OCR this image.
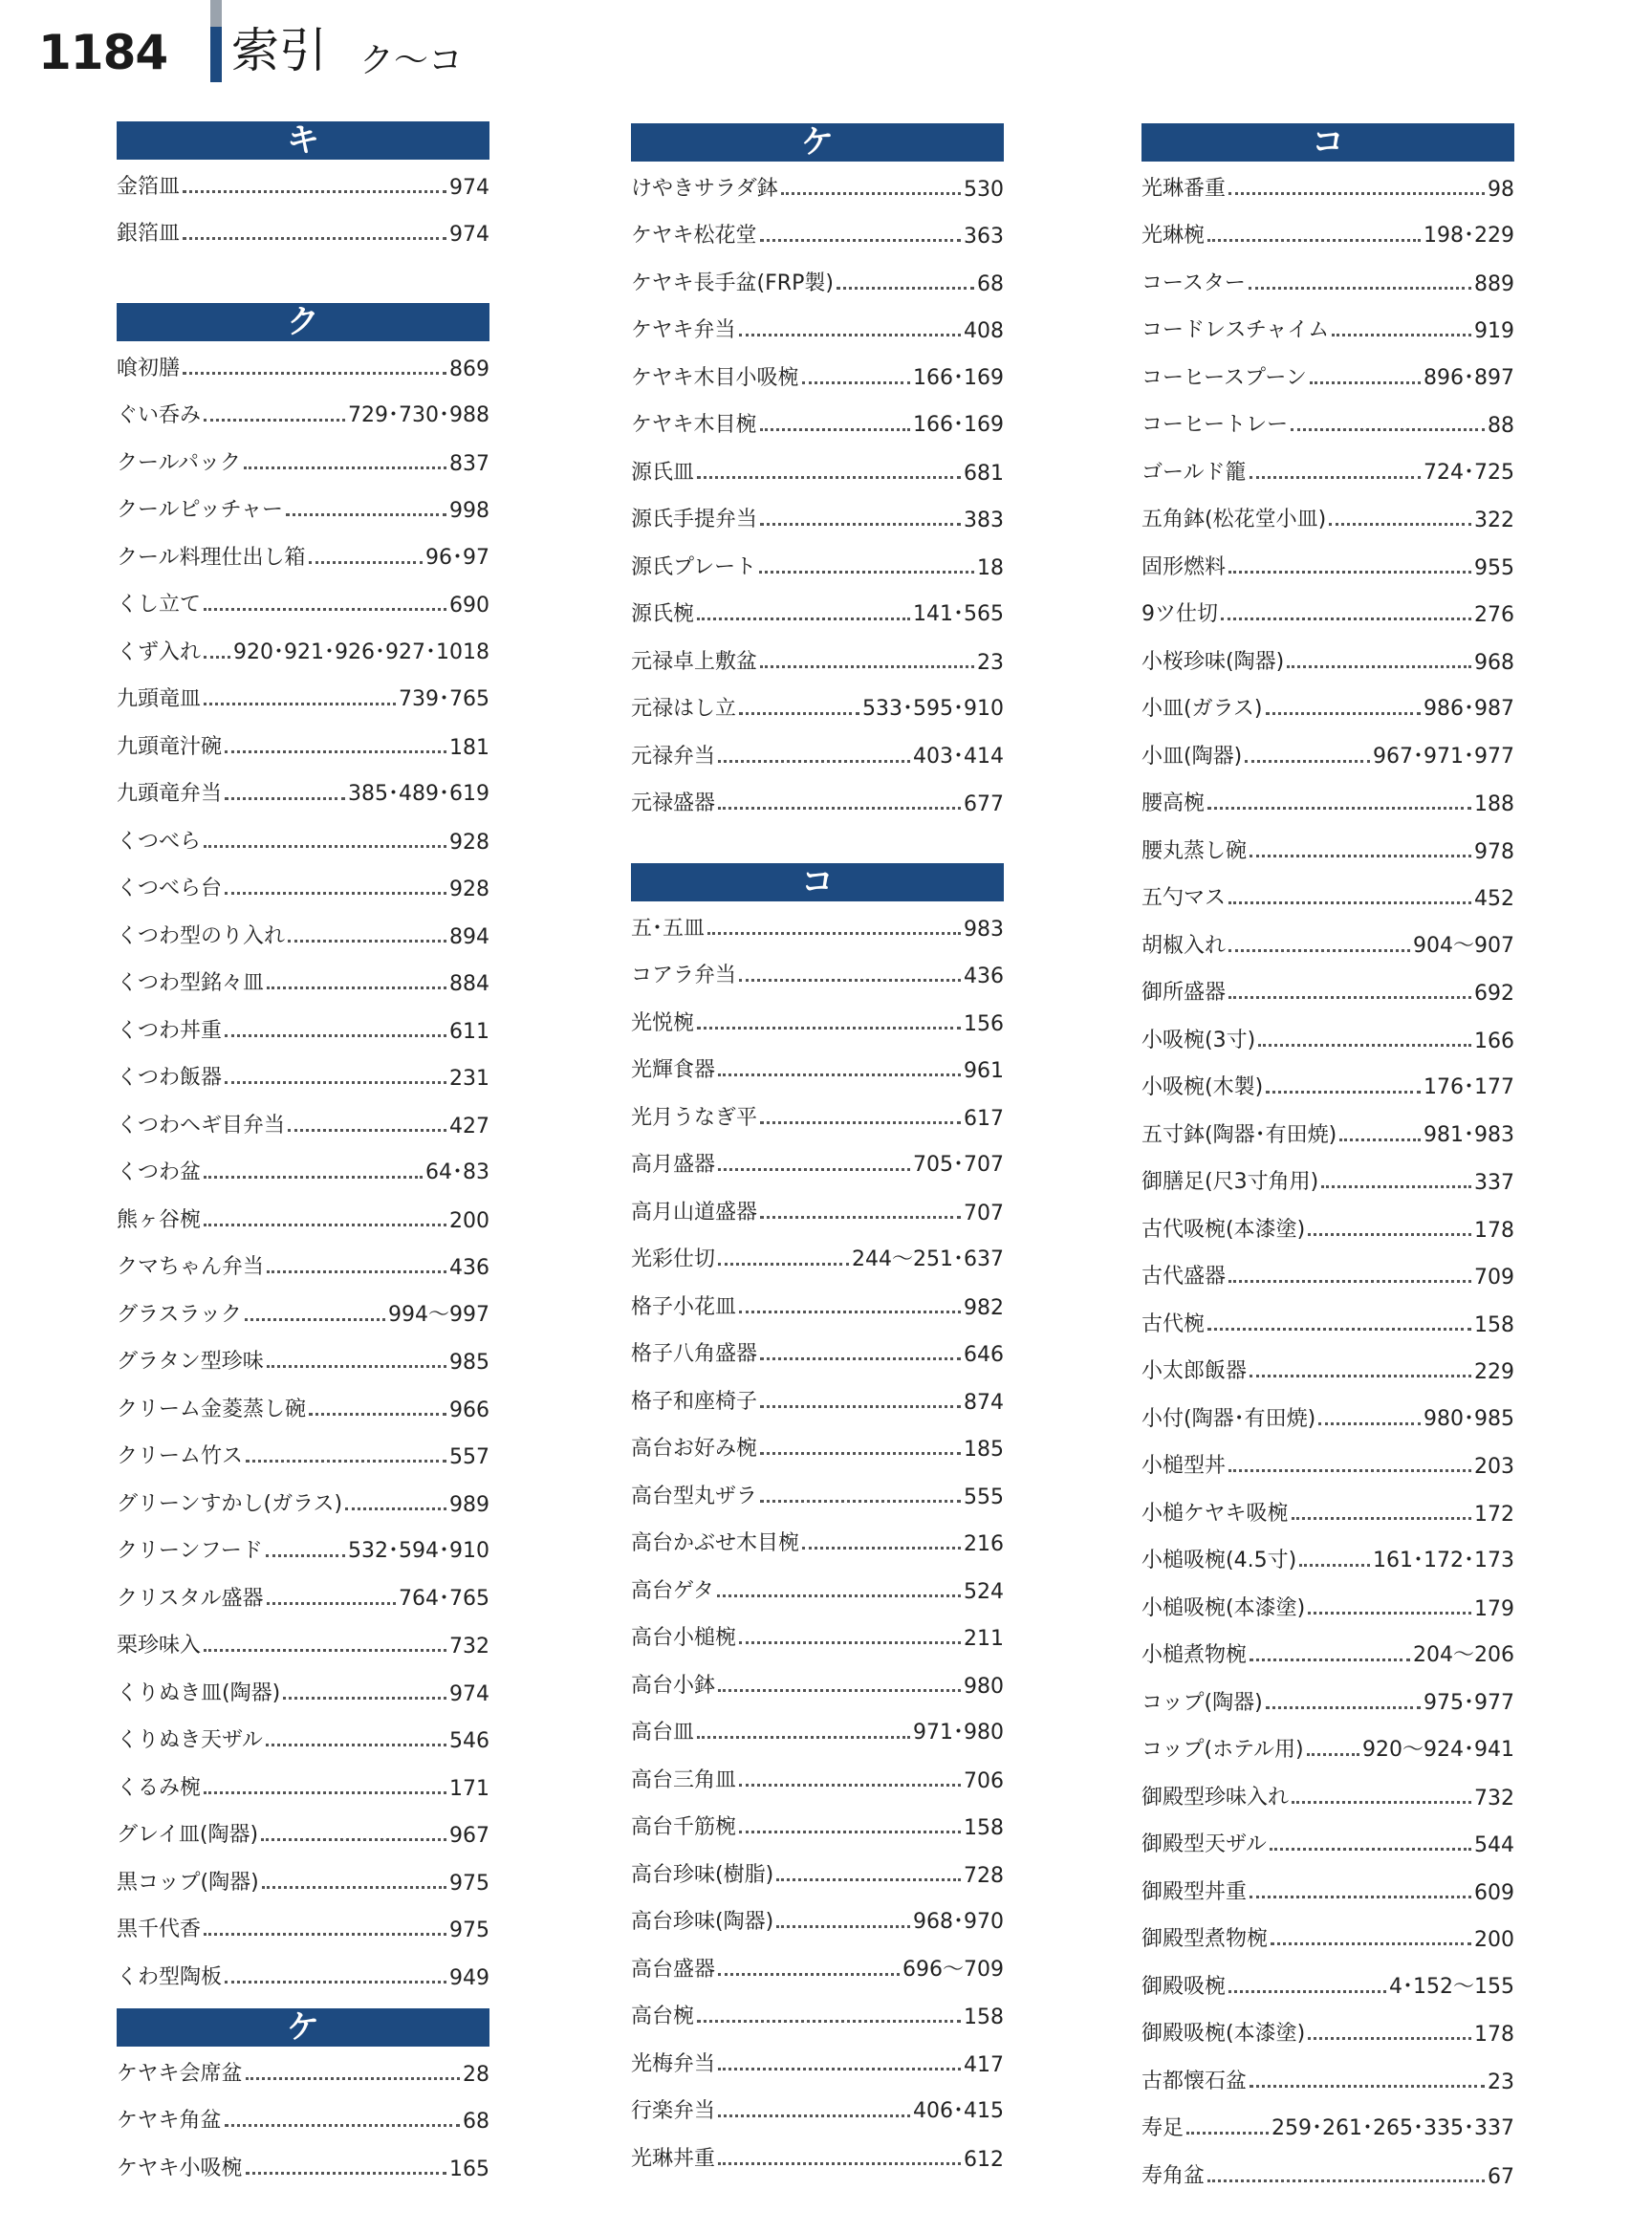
1184 索引 ク～コ
キ
金箔皿	974
銀箔皿	974
ク
喰初膳	869
ぐい呑み	729･730･988
クールパック	837
クールピッチャー	998
クール料理仕出し箱	96･97
くし立て	690
くず入れ 920･921･926･927･1018
九頭竜皿	739･765
九頭竜汁碗	181
九頭竜弁当	385･489･619
くつべら	928
くつべら台	928
くつわ型のり入れ	894
くつわ型銘々皿	884
くつわ丼重	611
くつわ飯器	231
くつわヘギ目弁当	427
くつわ盆	64･83
熊ヶ谷椀	200
クマちゃん弁当	436
グラスラック	994～997
グラタン型珍味	985
クリーム金菱蒸し碗	966
クリーム竹ス	557
グリーンすかし(ガラス)	989
クリーンフード	532･594･910
クリスタル盛器	764･765
栗珍味入	732
くりぬき皿(陶器)	974
くりぬき天ザル	546
くるみ椀	171
グレイ皿(陶器)	967
黒コップ(陶器)	975
黒千代香	975
くわ型陶板	949
ケ
ケヤキ会席盆	28
ケヤキ角盆	68
ケヤキ小吸椀	165
ケ
けやきサラダ鉢	530
ケヤキ松花堂	363
ケヤキ長手盆(FRP製)	68
ケヤキ弁当	408
ケヤキ木目小吸椀	166･169
ケヤキ木目椀	166･169
源氏皿	681
源氏手提弁当	383
源氏プレート	18
源氏椀	141･565
元禄卓上敷盆	23
元禄はし立	533･595･910
元禄弁当	403･414
元禄盛器	677
コ
五･五皿	983
コアラ弁当	436
光悦椀	156
光輝食器	961
光月うなぎ平	617
高月盛器	705･707
高月山道盛器	707
光彩仕切	244～251･637
格子小花皿	982
格子八角盛器	646
格子和座椅子	874
高台お好み椀	185
高台型丸ザラ	555
高台かぶせ木目椀	216
高台ゲタ	524
高台小槌椀	211
高台小鉢	980
高台皿	971･980
高台三角皿	706
高台千筋椀	158
高台珍味(樹脂)	728
高台珍味(陶器)	968･970
高台盛器	696～709
高台椀	158
光梅弁当	417
行楽弁当	406･415
光琳丼重	612
コ
光琳番重	98
光琳椀	198･229
コースター	889
コードレスチャイム	919
コーヒースプーン	896･897
コーヒートレー	88
ゴールド籠	724･725
五角鉢(松花堂小皿)	322
固形燃料	955
9ツ仕切	276
小桜珍味(陶器)	968
小皿(ガラス)	986･987
小皿(陶器)	967･971･977
腰高椀	188
腰丸蒸し碗	978
五勺マス	452
胡椒入れ	904～907
御所盛器	692
小吸椀(3寸)	166
小吸椀(木製)	176･177
五寸鉢(陶器･有田焼)	981･983
御膳足(尺3寸角用)	337
古代吸椀(本漆塗)	178
古代盛器	709
古代椀	158
小太郎飯器	229
小付(陶器･有田焼)	980･985
小槌型丼	203
小槌ケヤキ吸椀	172
小槌吸椀(4.5寸)	161･172･173
小槌吸椀(本漆塗)	179
小槌煮物椀	204～206
コップ(陶器)	975･977
コップ(ホテル用)	920～924･941
御殿型珍味入れ	732
御殿型天ザル	544
御殿型丼重	609
御殿型煮物椀	200
御殿吸椀	4･152～155
御殿吸椀(本漆塗)	178
古都懐石盆	23
寿足	259･261･265･335･337
寿角盆	67
